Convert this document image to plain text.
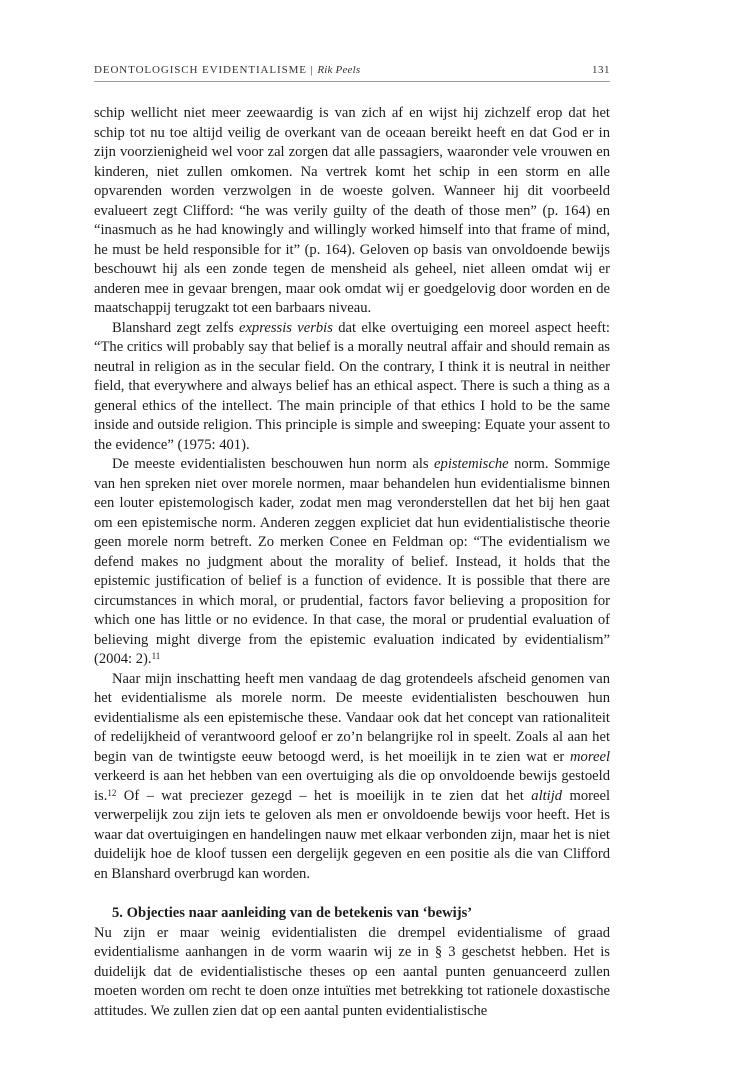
DEONTOLOGISCH EVIDENTIALISME | Rik Peels	131

schip wellicht niet meer zeewaardig is van zich af en wijst hij zichzelf erop dat het schip tot nu toe altijd veilig de overkant van de oceaan bereikt heeft en dat God er in zijn voorzienigheid wel voor zal zorgen dat alle passagiers, waaronder vele vrouwen en kinderen, niet zullen omkomen. Na vertrek komt het schip in een storm en alle opvarenden worden verzwolgen in de woeste golven. Wanneer hij dit voorbeeld evalueert zegt Clifford: “he was verily guilty of the death of those men” (p. 164) en “inasmuch as he had knowingly and willingly worked himself into that frame of mind, he must be held responsible for it” (p. 164). Geloven op basis van onvoldoende bewijs beschouwt hij als een zonde tegen de mensheid als geheel, niet alleen omdat wij er anderen mee in gevaar brengen, maar ook omdat wij er goedgelovig door worden en de maatschappij terugzakt tot een barbaars niveau.

Blanshard zegt zelfs expressis verbis dat elke overtuiging een moreel aspect heeft: “The critics will probably say that belief is a morally neutral affair and should remain as neutral in religion as in the secular field. On the contrary, I think it is neutral in neither field, that everywhere and always belief has an ethical aspect. There is such a thing as a general ethics of the intellect. The main principle of that ethics I hold to be the same inside and outside religion. This principle is simple and sweeping: Equate your assent to the evidence” (1975: 401).

De meeste evidentialisten beschouwen hun norm als epistemische norm. Sommige van hen spreken niet over morele normen, maar behandelen hun evidentialisme binnen een louter epistemologisch kader, zodat men mag veronderstellen dat het bij hen gaat om een epistemische norm. Anderen zeggen expliciet dat hun evidentialistische theorie geen morele norm betreft. Zo merken Conee en Feldman op: “The evidentialism we defend makes no judgment about the morality of belief. Instead, it holds that the epistemic justification of belief is a function of evidence. It is possible that there are circumstances in which moral, or prudential, factors favor believing a proposition for which one has little or no evidence. In that case, the moral or prudential evaluation of believing might diverge from the epistemic evaluation indicated by evidentialism” (2004: 2).$^{11}$

Naar mijn inschatting heeft men vandaag de dag grotendeels afscheid genomen van het evidentialisme als morele norm. De meeste evidentialisten beschouwen hun evidentialisme als een epistemische these. Vandaar ook dat het concept van rationaliteit of redelijkheid of verantwoord geloof er zo’n belangrijke rol in speelt. Zoals al aan het begin van de twintigste eeuw betoogd werd, is het moeilijk in te zien wat er moreel verkeerd is aan het hebben van een overtuiging als die op onvoldoende bewijs gestoeld is.$^{12}$ Of – wat preciezer gezegd – het is moeilijk in te zien dat het altijd moreel verwerpelijk zou zijn iets te geloven als men er onvoldoende bewijs voor heeft. Het is waar dat overtuigingen en handelingen nauw met elkaar verbonden zijn, maar het is niet duidelijk hoe de kloof tussen een dergelijk gegeven en een positie als die van Clifford en Blanshard overbrugd kan worden.

5. Objecties naar aanleiding van de betekenis van ‘bewijs’

Nu zijn er maar weinig evidentialisten die drempel evidentialisme of graad evidentialisme aanhangen in de vorm waarin wij ze in § 3 geschetst hebben. Het is duidelijk dat de evidentialistische theses op een aantal punten genuanceerd zullen moeten worden om recht te doen onze intuïties met betrekking tot rationele doxastische attitudes. We zullen zien dat op een aantal punten evidentialistische
